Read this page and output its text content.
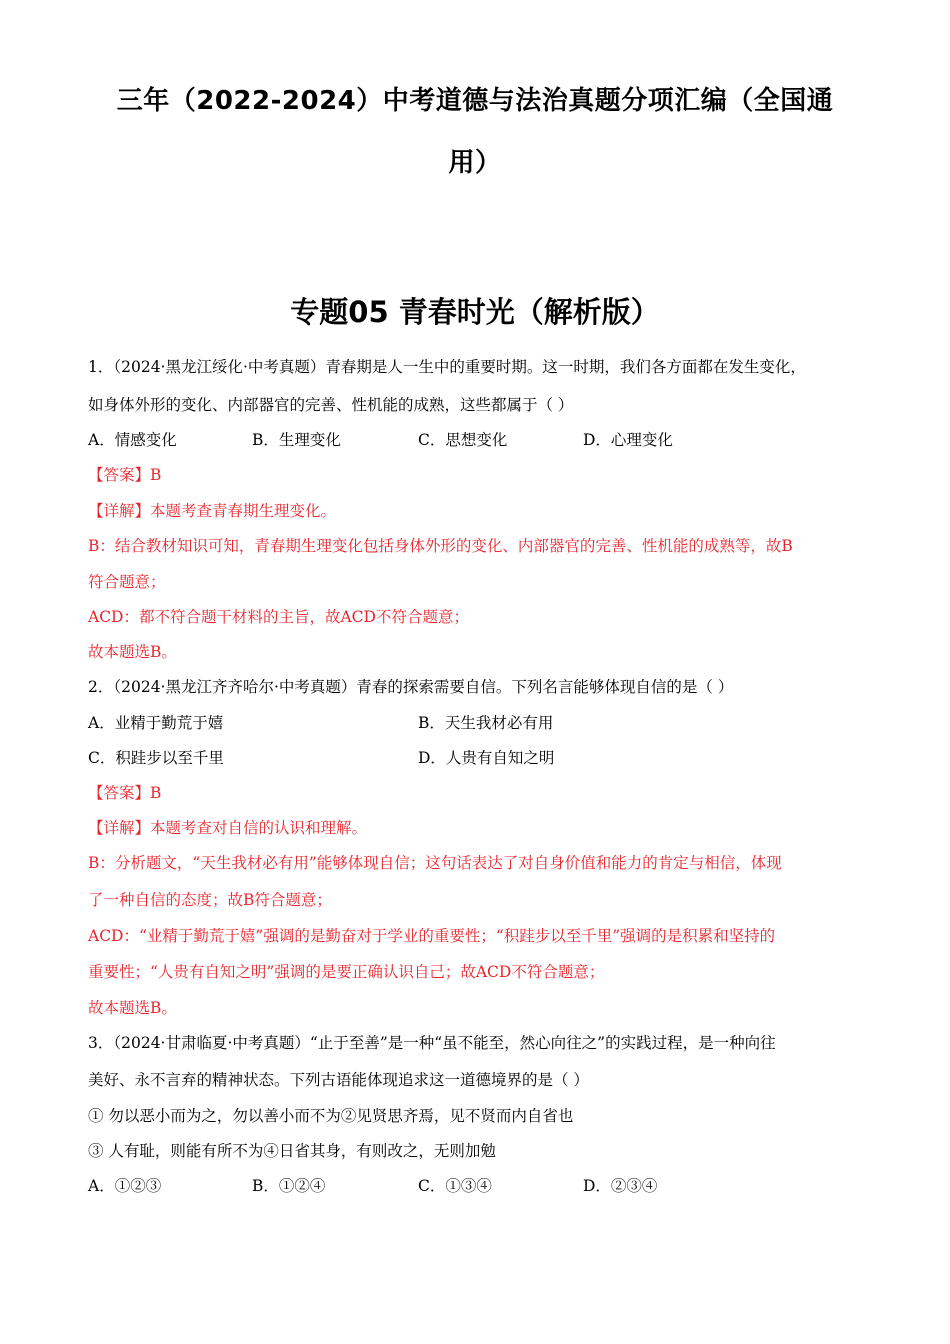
三年（2022-2024）中考道德与法治真题分项汇编（全国通
用）
专题05 青春时光（解析版）
1．（2024·黑龙江绥化·中考真题）青春期是人一生中的重要时期。这一时期，我们各方面都在发生变化，
如身体外形的变化、内部器官的完善、性机能的成熟，这些都属于（ ）
A．情感变化	B．生理变化	C．思想变化	D．心理变化
【答案】B
【详解】本题考查青春期生理变化。
B：结合教材知识可知，青春期生理变化包括身体外形的变化、内部器官的完善、性机能的成熟等，故B
符合题意；
ACD：都不符合题干材料的主旨，故ACD不符合题意；
故本题选B。
2．（2024·黑龙江齐齐哈尔·中考真题）青春的探索需要自信。下列名言能够体现自信的是（ ）
A．业精于勤荒于嬉	B．天生我材必有用
C．积跬步以至千里	D．人贵有自知之明
【答案】B
【详解】本题考查对自信的认识和理解。
B：分析题文，“天生我材必有用”能够体现自信；这句话表达了对自身价值和能力的肯定与相信，体现
了一种自信的态度；故B符合题意；
ACD：“业精于勤荒于嬉”强调的是勤奋对于学业的重要性；“积跬步以至千里”强调的是积累和坚持的
重要性；“人贵有自知之明”强调的是要正确认识自己；故ACD不符合题意；
故本题选B。
3．（2024·甘肃临夏·中考真题）“止于至善”是一种“虽不能至，然心向往之”的实践过程，是一种向往
美好、永不言弃的精神状态。下列古语能体现追求这一道德境界的是（ ）
① 勿以恶小而为之，勿以善小而不为②见贤思齐焉，见不贤而内自省也
③ 人有耻，则能有所不为④日省其身，有则改之，无则加勉
A．①②③	B．①②④	C．①③④	D．②③④
